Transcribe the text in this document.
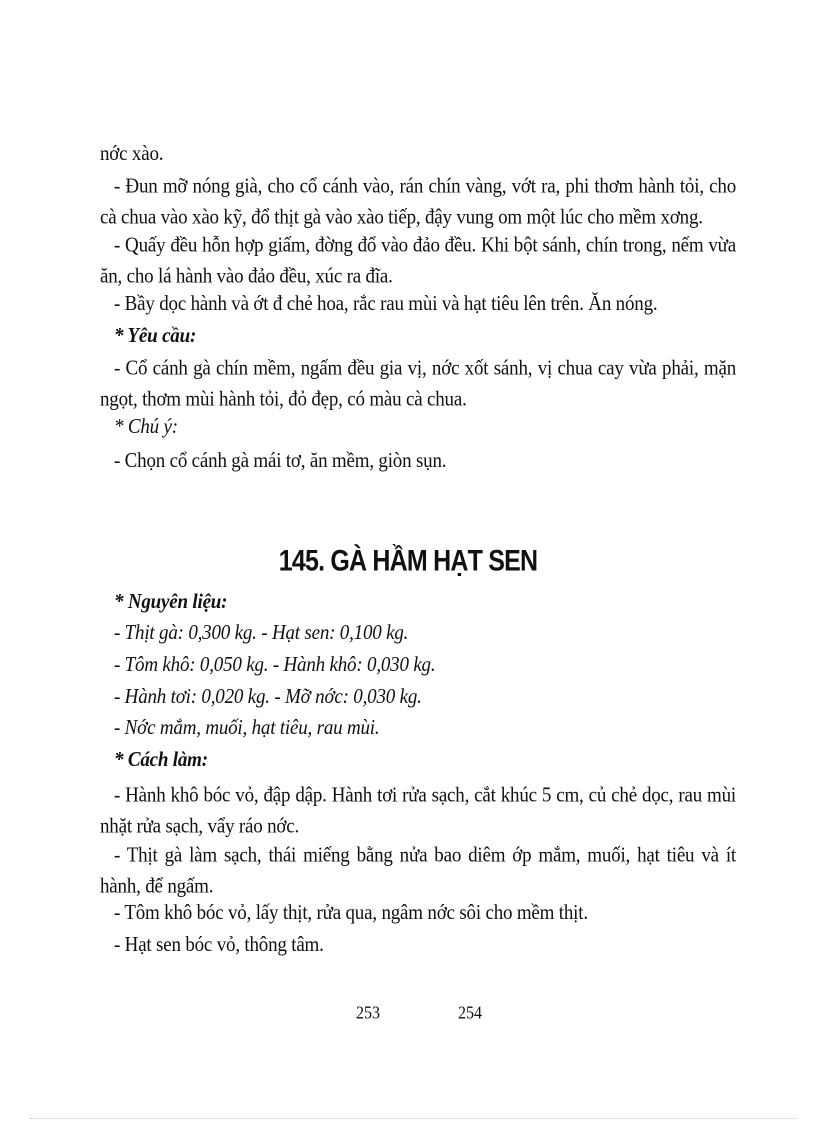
nớc xào.
- Đun mỡ nóng già, cho cổ cánh vào, rán chín vàng, vớt ra, phi thơm hành tỏi, cho cà chua vào xào kỹ, đổ thịt gà vào xào tiếp, đậy vung om một lúc cho mềm xơng.
- Quấy đều hỗn hợp giấm, đờng đổ vào đảo đều. Khi bột sánh, chín trong, nếm vừa ăn, cho lá hành vào đảo đều, xúc ra đĩa.
- Bầy dọc hành và ớt đ chẻ hoa, rắc rau mùi và hạt tiêu lên trên. Ăn nóng.
* Yêu cầu:
- Cổ cánh gà chín mềm, ngấm đều gia vị, nớc xốt sánh, vị chua cay vừa phải, mặn ngọt, thơm mùi hành tỏi, đỏ đẹp, có màu cà chua.
* Chú ý:
- Chọn cổ cánh gà mái tơ, ăn mềm, giòn sụn.
145. GÀ HẦM HẠT SEN
* Nguyên liệu:
- Thịt gà: 0,300 kg. - Hạt sen: 0,100 kg.
- Tôm khô: 0,050 kg. - Hành khô: 0,030 kg.
- Hành tơi: 0,020 kg. - Mỡ nớc: 0,030 kg.
- Nớc mắm, muối, hạt tiêu, rau mùi.
* Cách làm:
- Hành khô bóc vỏ, đập dập. Hành tơi rửa sạch, cắt khúc 5 cm, củ chẻ dọc, rau mùi nhặt rửa sạch, vẩy ráo nớc.
- Thịt gà làm sạch, thái miếng bằng nửa bao diêm ớp mắm, muối, hạt tiêu và ít hành, để ngấm.
- Tôm khô bóc vỏ, lấy thịt, rửa qua, ngâm nớc sôi cho mềm thịt.
- Hạt sen bóc vỏ, thông tâm.
253	254
